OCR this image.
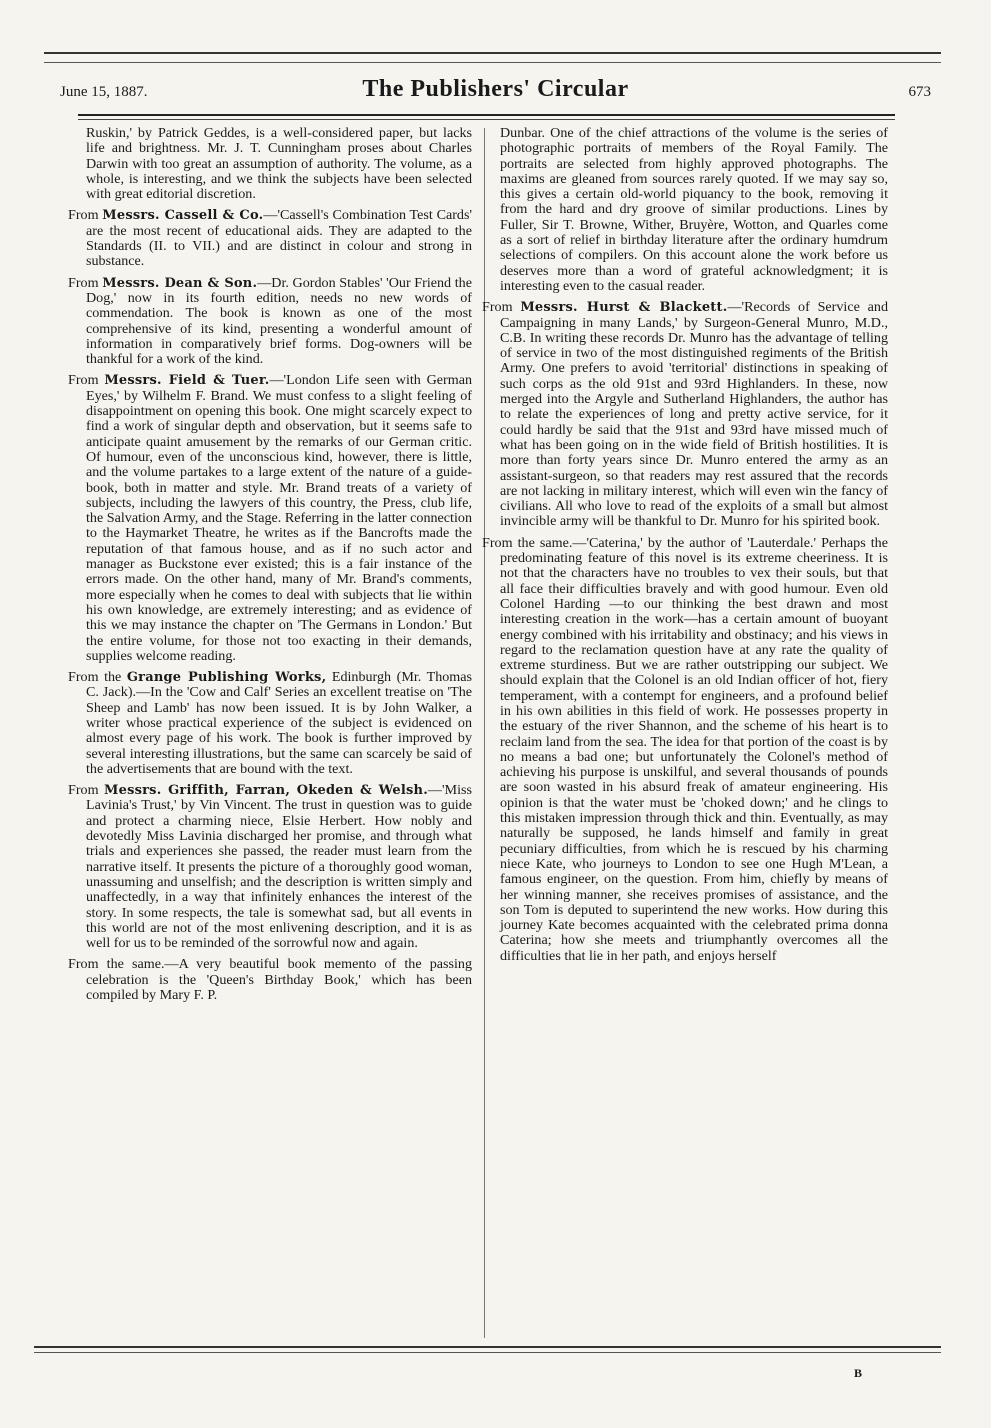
June 15, 1887.	The Publishers' Circular	673

Ruskin,' by Patrick Geddes, is a well-considered paper, but lacks life and brightness. Mr. J. T. Cunningham proses about Charles Darwin with too great an assumption of authority. The volume, as a whole, is interesting, and we think the subjects have been selected with great editorial discretion.

From Messrs. Cassell & Co.—'Cassell's Combination Test Cards' are the most recent of educational aids. They are adapted to the Standards (II. to VII.) and are distinct in colour and strong in substance.

From Messrs. Dean & Son.—Dr. Gordon Stables' 'Our Friend the Dog,' now in its fourth edition, needs no new words of commendation. The book is known as one of the most comprehensive of its kind, presenting a wonderful amount of information in comparatively brief forms. Dog-owners will be thankful for a work of the kind.

From Messrs. Field & Tuer.—'London Life seen with German Eyes,' by Wilhelm F. Brand. We must confess to a slight feeling of disappointment on opening this book. One might scarcely expect to find a work of singular depth and observation, but it seems safe to anticipate quaint amusement by the remarks of our German critic. Of humour, even of the unconscious kind, however, there is little, and the volume partakes to a large extent of the nature of a guide-book, both in matter and style. Mr. Brand treats of a variety of subjects, including the lawyers of this country, the Press, club life, the Salvation Army, and the Stage. Referring in the latter connection to the Haymarket Theatre, he writes as if the Bancrofts made the reputation of that famous house, and as if no such actor and manager as Buckstone ever existed; this is a fair instance of the errors made. On the other hand, many of Mr. Brand's comments, more especially when he comes to deal with subjects that lie within his own knowledge, are extremely interesting; and as evidence of this we may instance the chapter on 'The Germans in London.' But the entire volume, for those not too exacting in their demands, supplies welcome reading.

From the Grange Publishing Works, Edinburgh (Mr. Thomas C. Jack).—In the 'Cow and Calf' Series an excellent treatise on 'The Sheep and Lamb' has now been issued. It is by John Walker, a writer whose practical experience of the subject is evidenced on almost every page of his work. The book is further improved by several interesting illustrations, but the same can scarcely be said of the advertisements that are bound with the text.

From Messrs. Griffith, Farran, Okeden & Welsh.—'Miss Lavinia's Trust,' by Vin Vincent. The trust in question was to guide and protect a charming niece, Elsie Herbert. How nobly and devotedly Miss Lavinia discharged her promise, and through what trials and experiences she passed, the reader must learn from the narrative itself. It presents the picture of a thoroughly good woman, unassuming and unselfish; and the description is written simply and unaffectedly, in a way that infinitely enhances the interest of the story. In some respects, the tale is somewhat sad, but all events in this world are not of the most enlivening description, and it is as well for us to be reminded of the sorrowful now and again.

From the same.—A very beautiful book memento of the passing celebration is the 'Queen's Birthday Book,' which has been compiled by Mary F. P.

Dunbar. One of the chief attractions of the volume is the series of photographic portraits of members of the Royal Family. The portraits are selected from highly approved photographs. The maxims are gleaned from sources rarely quoted. If we may say so, this gives a certain old-world piquancy to the book, removing it from the hard and dry groove of similar productions. Lines by Fuller, Sir T. Browne, Wither, Bruyère, Wotton, and Quarles come as a sort of relief in birthday literature after the ordinary humdrum selections of compilers. On this account alone the work before us deserves more than a word of grateful acknowledgment; it is interesting even to the casual reader.

From Messrs. Hurst & Blackett.—'Records of Service and Campaigning in many Lands,' by Surgeon-General Munro, M.D., C.B. In writing these records Dr. Munro has the advantage of telling of service in two of the most distinguished regiments of the British Army. One prefers to avoid 'territorial' distinctions in speaking of such corps as the old 91st and 93rd Highlanders. In these, now merged into the Argyle and Sutherland Highlanders, the author has to relate the experiences of long and pretty active service, for it could hardly be said that the 91st and 93rd have missed much of what has been going on in the wide field of British hostilities. It is more than forty years since Dr. Munro entered the army as an assistant-surgeon, so that readers may rest assured that the records are not lacking in military interest, which will even win the fancy of civilians. All who love to read of the exploits of a small but almost invincible army will be thankful to Dr. Munro for his spirited book.

From the same.—'Caterina,' by the author of 'Lauterdale.' Perhaps the predominating feature of this novel is its extreme cheeriness. It is not that the characters have no troubles to vex their souls, but that all face their difficulties bravely and with good humour. Even old Colonel Harding —to our thinking the best drawn and most interesting creation in the work—has a certain amount of buoyant energy combined with his irritability and obstinacy; and his views in regard to the reclamation question have at any rate the quality of extreme sturdiness. But we are rather outstripping our subject. We should explain that the Colonel is an old Indian officer of hot, fiery temperament, with a contempt for engineers, and a profound belief in his own abilities in this field of work. He possesses property in the estuary of the river Shannon, and the scheme of his heart is to reclaim land from the sea. The idea for that portion of the coast is by no means a bad one; but unfortunately the Colonel's method of achieving his purpose is unskilful, and several thousands of pounds are soon wasted in his absurd freak of amateur engineering. His opinion is that the water must be 'choked down;' and he clings to this mistaken impression through thick and thin. Eventually, as may naturally be supposed, he lands himself and family in great pecuniary difficulties, from which he is rescued by his charming niece Kate, who journeys to London to see one Hugh M'Lean, a famous engineer, on the question. From him, chiefly by means of her winning manner, she receives promises of assistance, and the son Tom is deputed to superintend the new works. How during this journey Kate becomes acquainted with the celebrated prima donna Caterina; how she meets and triumphantly overcomes all the difficulties that lie in her path, and enjoys herself

B
